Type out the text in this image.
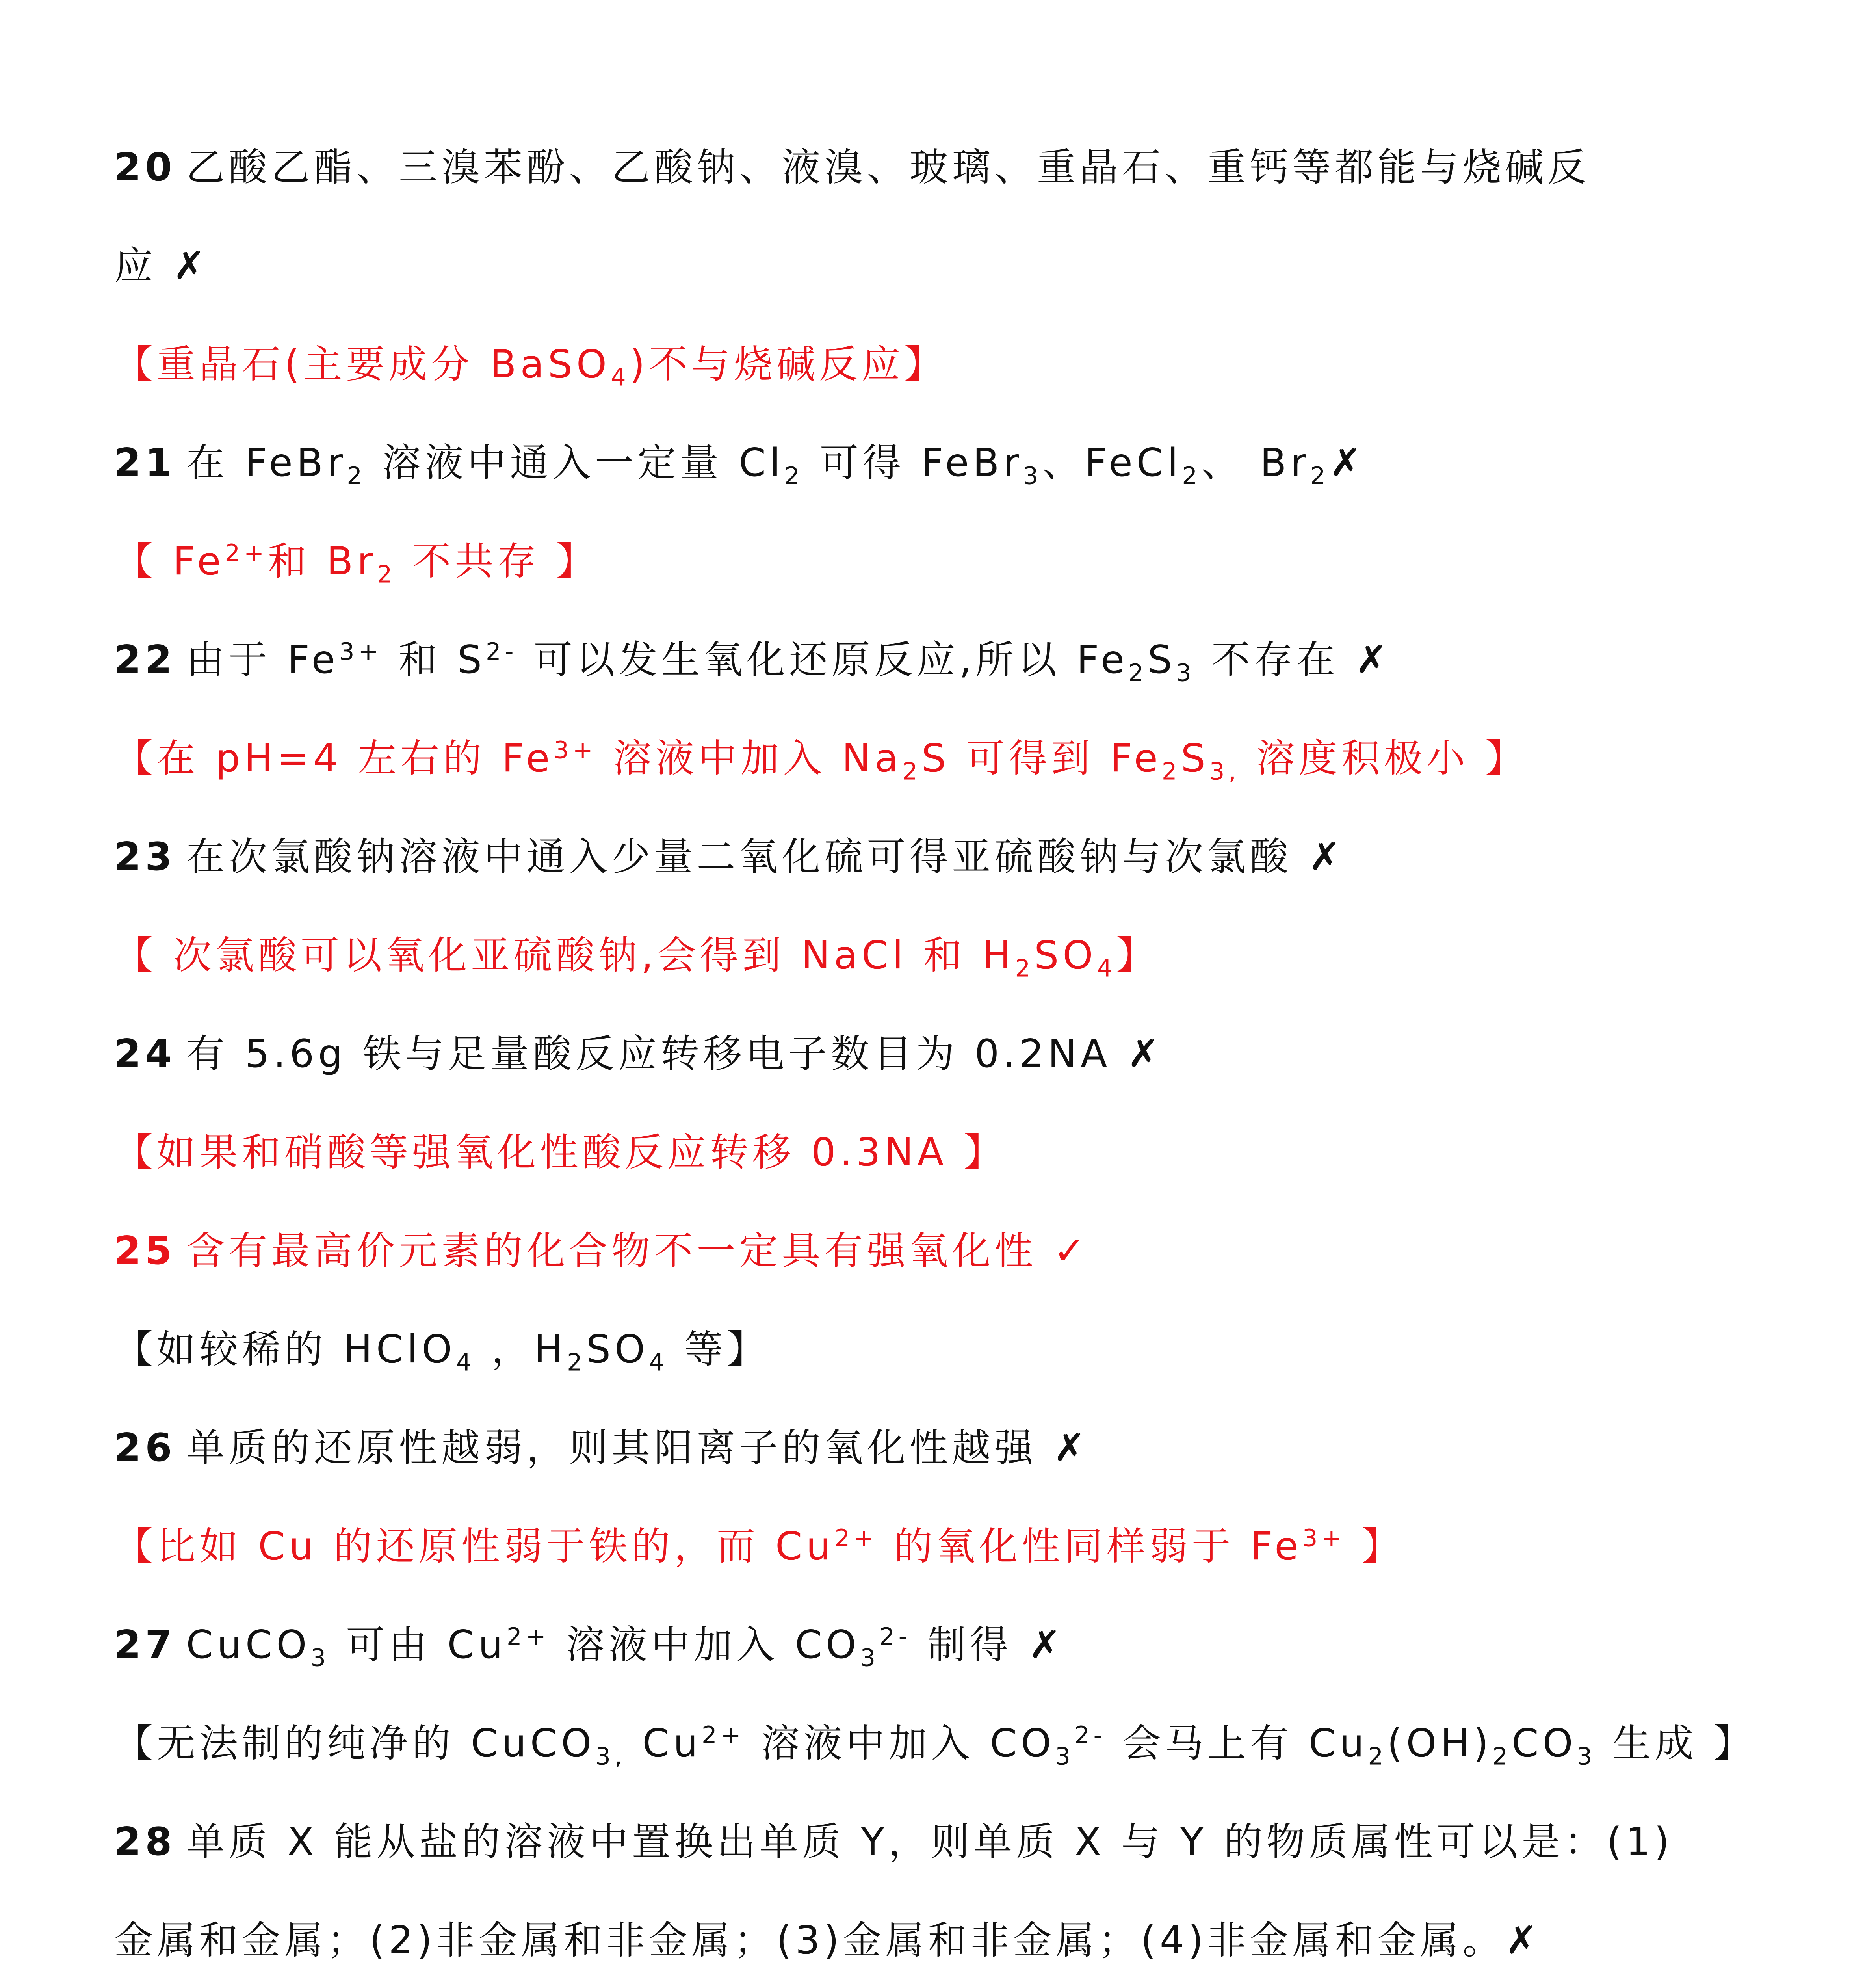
20 乙酸乙酯、三溴苯酚、乙酸钠、液溴、玻璃、重晶石、重钙等都能与烧碱反
应 ✗
【重晶石(主要成分 BaSO$_4$)不与烧碱反应】
21 在 FeBr$_2$ 溶液中通入一定量 $Cl_2$ 可得 FeBr$_3$、FeCl$_2$、 $Br_2✗$
【 $Fe^{2+}$和 $Br_2$ 不共存 】
22 由于 $Fe^{3+}$ 和 $S^{2-}$ 可以发生氧化还原反应,所以 $Fe_2S_3$ 不存在 ✗
【在 pH=4 左右的 $Fe^{3+}$ 溶液中加入 $Na_2S$ 可得到 $Fe_2S_{3,}$ 溶度积极小 】
23 在次氯酸钠溶液中通入少量二氧化硫可得亚硫酸钠与次氯酸 ✗
【 次氯酸可以氧化亚硫酸钠,会得到 NaCl 和 $H_2SO_4$】
24 有 5.6g 铁与足量酸反应转移电子数目为 0.2NA ✗
【如果和硝酸等强氧化性酸反应转移 0.3NA 】
25 含有最高价元素的化合物不一定具有强氧化性 ✓
【如较稀的 HClO$_4$ ，$H_2SO_4$ 等】
26 单质的还原性越弱，则其阳离子的氧化性越强 ✗
【比如 Cu 的还原性弱于铁的，而 $Cu^{2+}$ 的氧化性同样弱于 $Fe^{3+}$ 】
27 CuCO$_3$ 可由 $Cu^{2+}$ 溶液中加入 $CO_3^{2-}$ 制得 ✗
【无法制的纯净的 CuCO$_{3,}$ $Cu^{2+}$ 溶液中加入 $CO_3^{2-}$ 会马上有 $Cu_2(OH)_2CO_3$ 生成 】
28 单质 X 能从盐的溶液中置换出单质 Y，则单质 X 与 Y 的物质属性可以是：(1)
金属和金属；(2)非金属和非金属；(3)金属和非金属；(4)非金属和金属。✗
